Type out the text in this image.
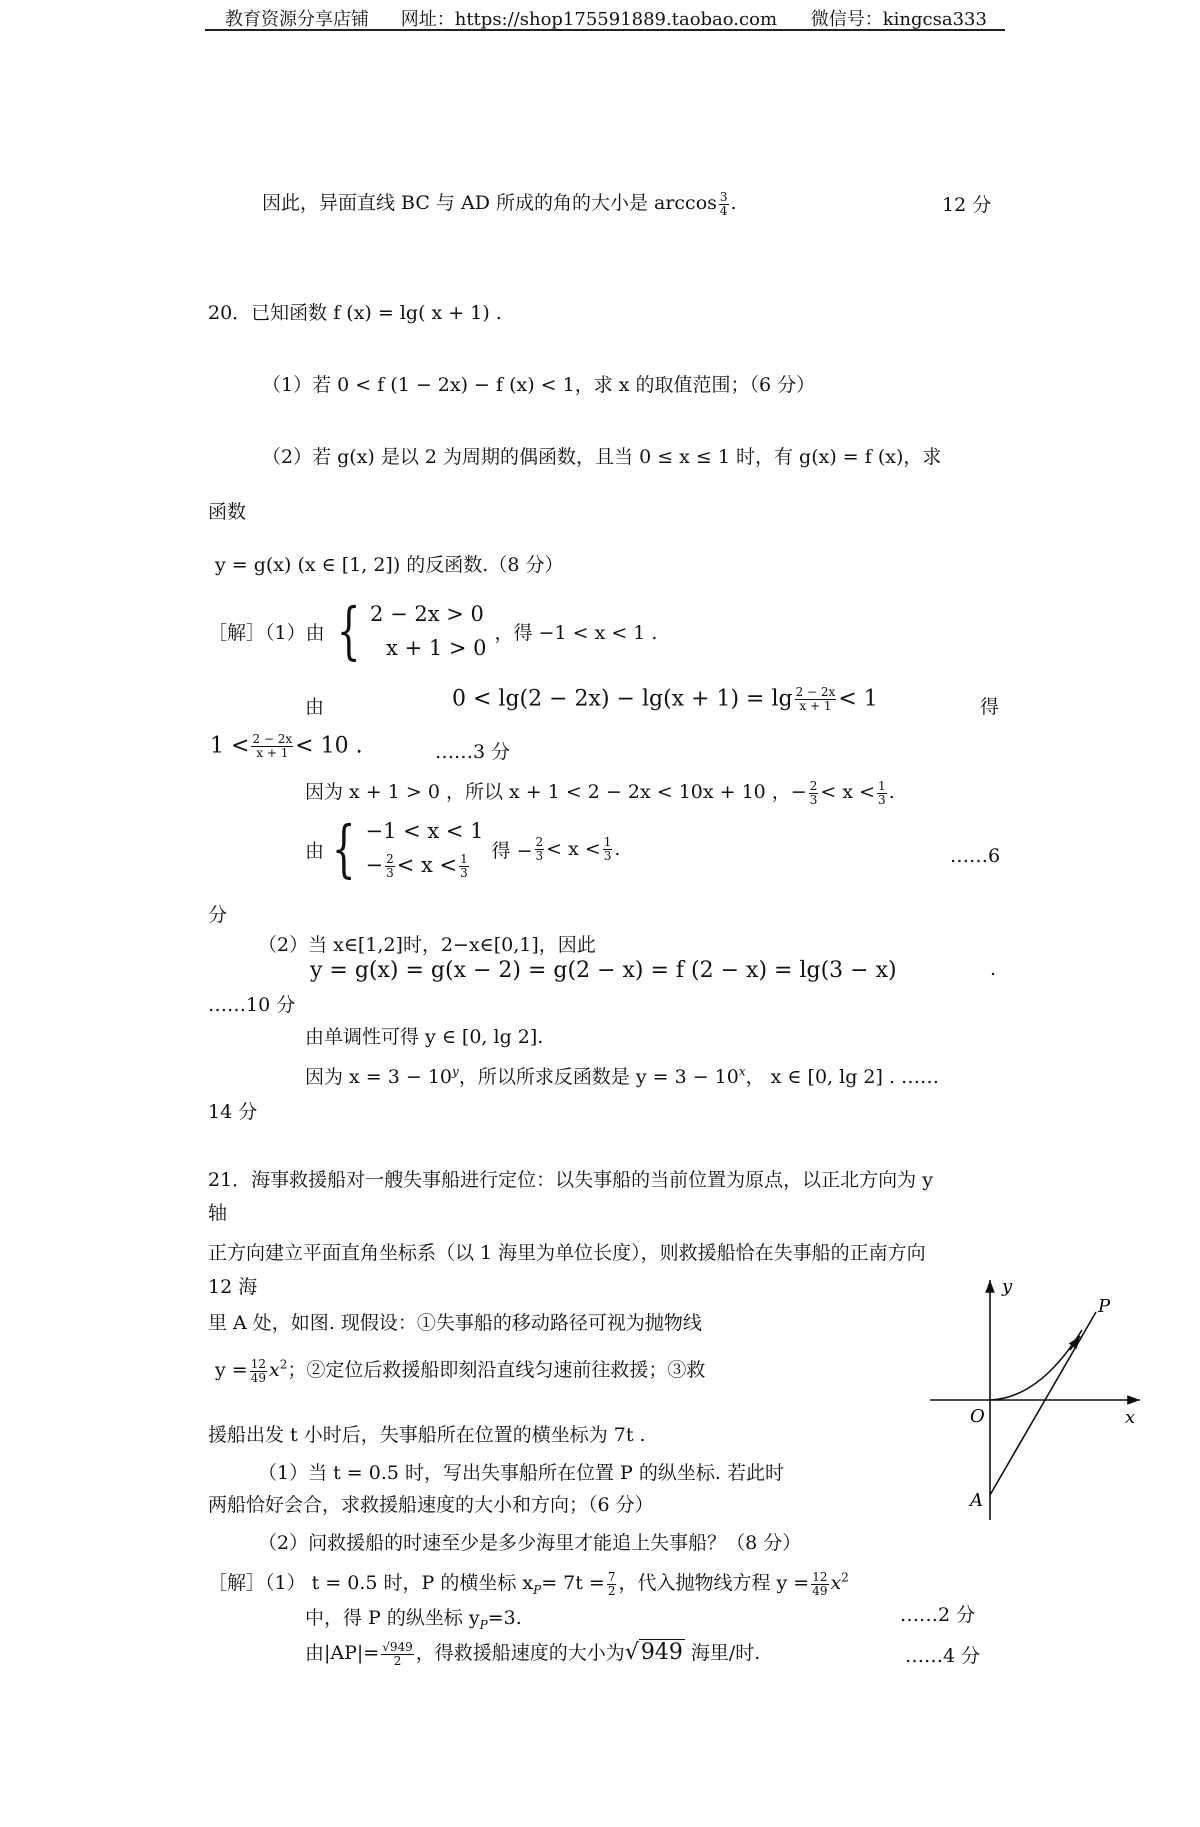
教育资源分享店铺 网址：https://shop175591889.taobao.com 微信号：kingcsa333
因此，异面直线 BC 与 AD 所成的角的大小是 $\arccos \frac{3}{4}$ .	12 分
20．已知函数 f (x) = lg( x + 1) .
（1）若 0 < f (1 − 2x) − f (x) < 1，求 x 的取值范围；（6 分）
（2）若 g(x) 是以 2 为周期的偶函数，且当 0 ≤ x ≤ 1 时，有 g(x) = f (x)，求
函数
y = g(x) (x ∈ [1, 2]) 的反函数.（8 分）
［解］（1）由 { 2 − 2x > 0
x + 1 > 0
，得 −1 < x < 1 .
由	$0 < \lg(2 - 2x) - \lg(x + 1) = \lg \frac{2 - 2x}{x + 1} < 1$	得
$1 < \frac{2 - 2x}{x + 1} < 10$ .	……3 分
因为 x + 1 > 0 ，所以 x + 1 < 2 − 2x < 10x + 10 ，− $\frac{2}{3} < x < \frac{1}{3}$ .
由 { −1 < x < 1
− $\frac{2}{3} < x < \frac{1}{3}$
得 − $\frac{2}{3} < x < 1$
3 .	……6
分
（2）当 x∈[1,2]时，2−x∈[0,1]，因此
y = g(x) = g(x − 2) = g(2 − x) = f (2 − x) = lg(3 − x)	.
……10 分
由单调性可得 y ∈ [0, lg 2].
因为 $x = 3 - 10^y$，所以所求反函数是 $y = 3 - 10^x$， x ∈ [0, lg 2] . ……
14 分
21．海事救援船对一艘失事船进行定位：以失事船的当前位置为原点，以正北方向为 y
轴
正方向建立平面直角坐标系（以 1 海里为单位长度），则救援船恰在失事船的正南方向
12 海
里 A 处，如图. 现假设：①失事船的移动路径可视为抛物线
$y = \frac{12}{49} x^2$；②定位后救援船即刻沿直线匀速前往救援；③救
援船出发 t 小时后，失事船所在位置的横坐标为 7t .
（1）当 t = 0.5 时，写出失事船所在位置 P 的纵坐标. 若此时
两船恰好会合，求救援船速度的大小和方向；（6 分）
（2）问救援船的时速至少是多少海里才能追上失事船？（8 分）
［解］（1） t = 0.5 时，P 的横坐标 $x_P= 7t = \frac{7}{2}$ ，代入抛物线方程 $y = \frac{12}{49} x^2$
中，得 P 的纵坐标 $y_P=3$.	……2 分
由$|AP|= \frac{√949}{2}$ ，得救援船速度的大小为√949 海里/时.	……4 分
y
x
O
A
P
